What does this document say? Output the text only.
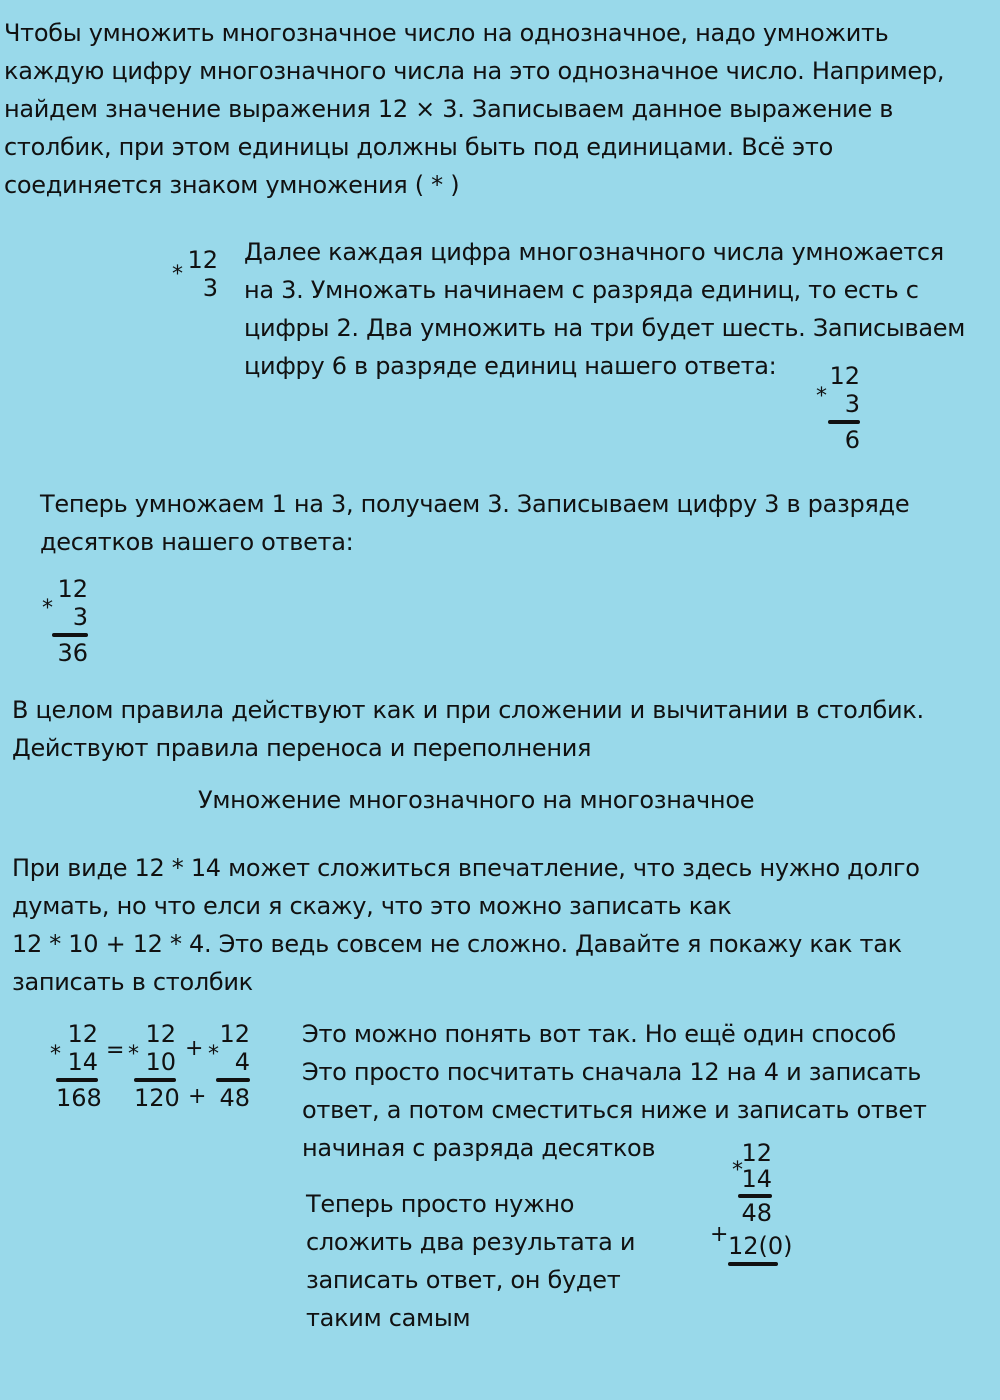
Чтобы умножить многозначное число на однозначное, надо умножить
каждую цифру многозначного числа на это однозначное число. Например,
найдем значение выражения 12 × 3. Записываем данное выражение в
столбик, при этом единицы должны быть под единицами. Всё это
соединяется знаком умножения ( * )
*
12
3
Далее каждая цифра многозначного числа умножается
на 3. Умножать начинаем с разряда единиц, то есть с
цифры 2. Два умножить на три будет шесть. Записываем
цифру 6 в разряде единиц нашего ответа:
*
12
3
6
Теперь умножаем 1 на 3, получаем 3. Записываем цифру 3 в разряде
десятков нашего ответа:
*
12
3
36
В целом правила действуют как и при сложении и вычитании в столбик.
Действуют правила переноса и переполнения
Умножение многозначного на многозначное
При виде 12 * 14 может сложиться впечатление, что здесь нужно долго
думать, но что елси я скажу, что это можно записать как
12 * 10 + 12 * 4. Это ведь совсем не сложно. Давайте я покажу как так
записать в столбик
*
12
14
168
= *
12
10
120
+ *
12
4
48
+
Это можно понять вот так. Но ещё один способ
Это просто посчитать сначала 12 на 4 и записать
ответ, а потом сместиться ниже и записать ответ
начиная с разряда десятков
Теперь просто нужно
сложить два результата и
записать ответ, он будет
таким самым
*
12
14
48
+ 12(0)
